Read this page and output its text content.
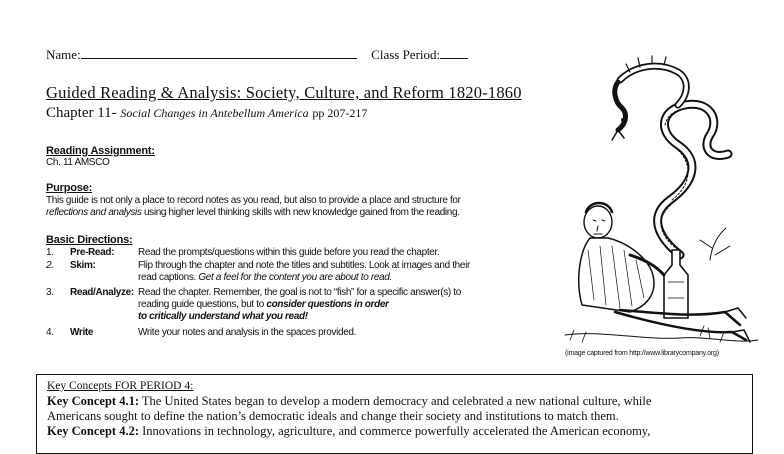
Name:	Class Period:
Guided Reading & Analysis: Society, Culture, and Reform 1820-1860
Chapter 11- Social Changes in Antebellum America pp 207-217
Reading Assignment:
Ch. 11 AMSCO
Purpose:
This guide is not only a place to record notes as you read, but also to provide a place and structure for
reflections and analysis using higher level thinking skills with new knowledge gained from the reading.
Basic Directions:
1.	Pre-Read:	Read the prompts/questions within this guide before you read the chapter.
2.	Skim:	Flip through the chapter and note the titles and subtitles. Look at images and their
read captions. Get a feel for the content you are about to read.
3.	Read/Analyze: Read the chapter. Remember, the goal is not to “fish” for a specific answer(s) to
reading guide questions, but to consider questions in order
to critically understand what you read!
4.	Write	Write your notes and analysis in the spaces provided.
(image captured from http://www.librarycompany.org)
Key Concepts FOR PERIOD 4:
Key Concept 4.1: The United States began to develop a modern democracy and celebrated a new national culture, while
Americans sought to define the nation’s democratic ideals and change their society and institutions to match them.
Key Concept 4.2: Innovations in technology, agriculture, and commerce powerfully accelerated the American economy,
